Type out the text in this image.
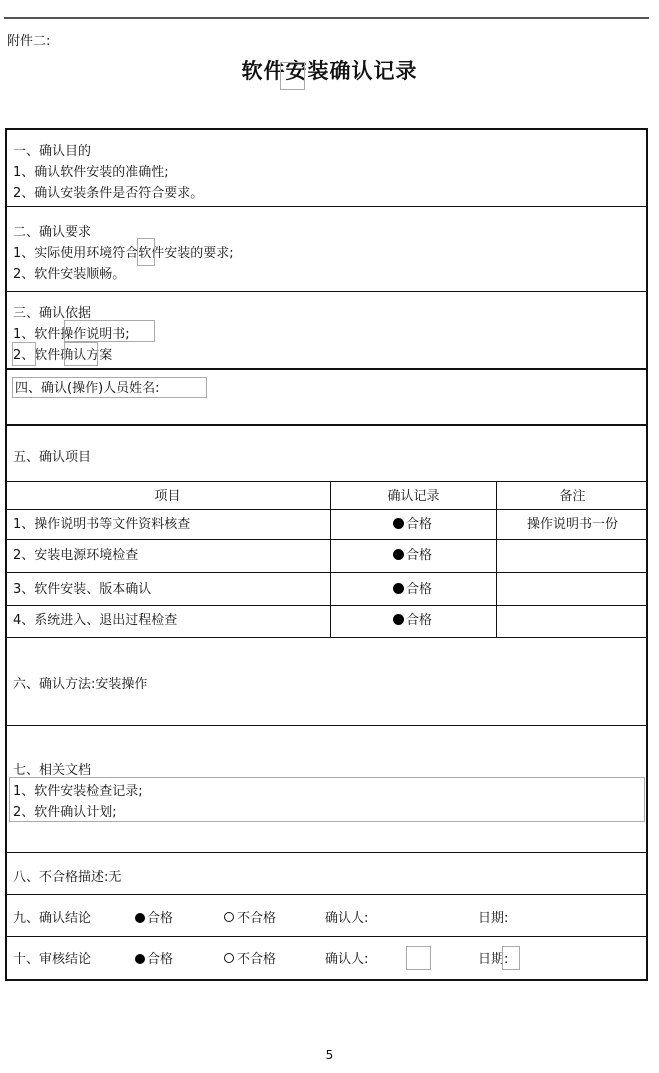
附件二:
软件安装确认记录
一、确认目的
1、确认软件安装的准确性;
2、确认安装条件是否符合要求。
二、确认要求
1、实际使用环境符合软件安装的要求;
2、软件安装顺畅。
三、确认依据
1、软件操作说明书;
2、软件确认方案
四、确认(操作)人员姓名:
五、确认项目
项目	确认记录	备注
1、操作说明书等文件资料核查	合格	操作说明书一份
2、安装电源环境检查	合格
3、软件安装、版本确认	合格
4、系统进入、退出过程检查	合格
六、确认方法:安装操作
七、相关文档
1、软件安装检查记录;
2、软件确认计划;
八、不合格描述:无
九、确认结论	合格	不合格	确认人:	日期:
十、审核结论	合格	不合格	确认人:	日期:
5
